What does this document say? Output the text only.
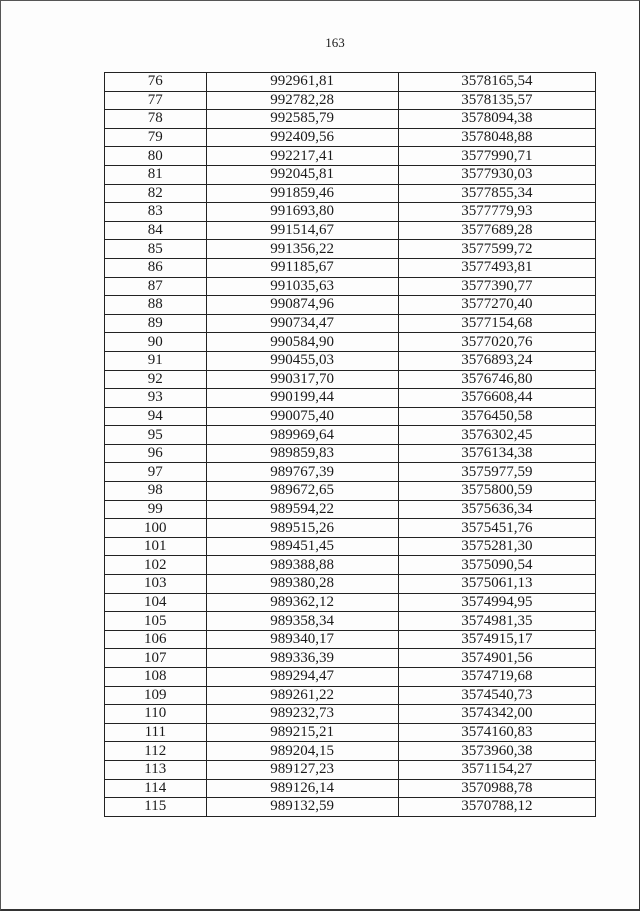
163
76	992961,81	3578165,54
77	992782,28	3578135,57
78	992585,79	3578094,38
79	992409,56	3578048,88
80	992217,41	3577990,71
81	992045,81	3577930,03
82	991859,46	3577855,34
83	991693,80	3577779,93
84	991514,67	3577689,28
85	991356,22	3577599,72
86	991185,67	3577493,81
87	991035,63	3577390,77
88	990874,96	3577270,40
89	990734,47	3577154,68
90	990584,90	3577020,76
91	990455,03	3576893,24
92	990317,70	3576746,80
93	990199,44	3576608,44
94	990075,40	3576450,58
95	989969,64	3576302,45
96	989859,83	3576134,38
97	989767,39	3575977,59
98	989672,65	3575800,59
99	989594,22	3575636,34
100	989515,26	3575451,76
101	989451,45	3575281,30
102	989388,88	3575090,54
103	989380,28	3575061,13
104	989362,12	3574994,95
105	989358,34	3574981,35
106	989340,17	3574915,17
107	989336,39	3574901,56
108	989294,47	3574719,68
109	989261,22	3574540,73
110	989232,73	3574342,00
111	989215,21	3574160,83
112	989204,15	3573960,38
113	989127,23	3571154,27
114	989126,14	3570988,78
115	989132,59	3570788,12
